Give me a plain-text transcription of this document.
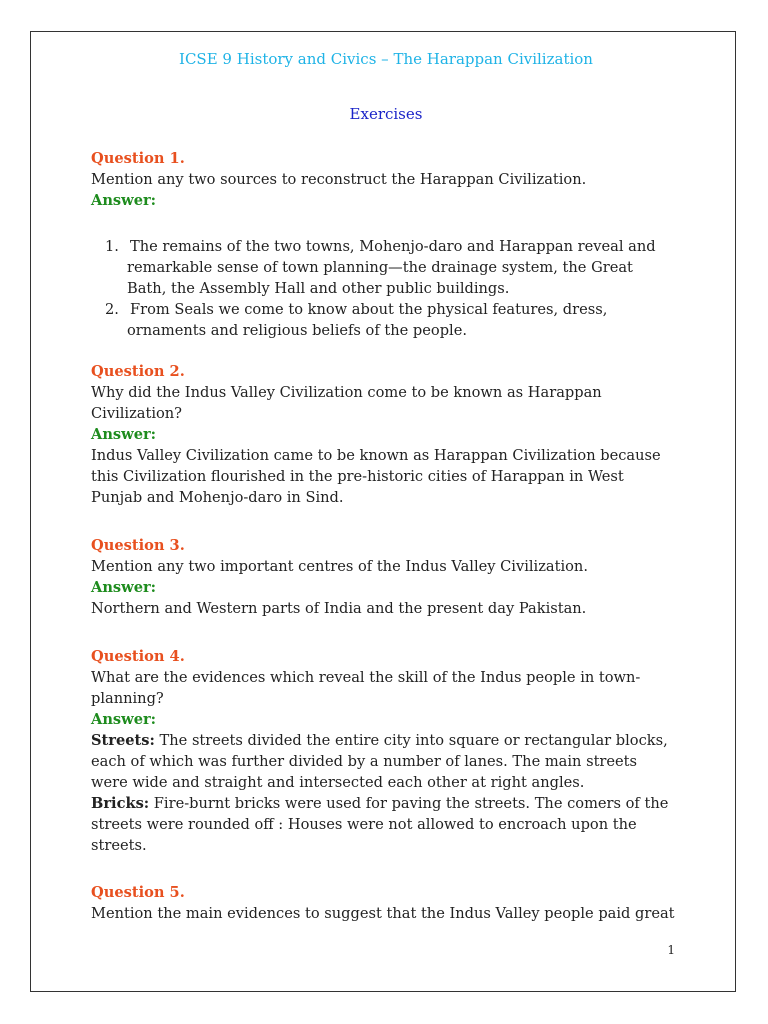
ICSE 9 History and Civics – The Harappan Civilization
Exercises
Question 1.
Mention any two sources to reconstruct the Harappan Civilization.
Answer:
1. The remains of the two towns, Mohenjo-daro and Harappan reveal and
remarkable sense of town planning—the drainage system, the Great
Bath, the Assembly Hall and other public buildings.
2. From Seals we come to know about the physical features, dress,
ornaments and religious beliefs of the people.
Question 2.
Why did the Indus Valley Civilization come to be known as Harappan
Civilization?
Answer:
Indus Valley Civilization came to be known as Harappan Civilization because
this Civilization flourished in the pre-historic cities of Harappan in West
Punjab and Mohenjo-daro in Sind.
Question 3.
Mention any two important centres of the Indus Valley Civilization.
Answer:
Northern and Western parts of India and the present day Pakistan.
Question 4.
What are the evidences which reveal the skill of the Indus people in town-
planning?
Answer:
Streets: The streets divided the entire city into square or rectangular blocks,
each of which was further divided by a number of lanes. The main streets
were wide and straight and intersected each other at right angles.
Bricks: Fire-burnt bricks were used for paving the streets. The comers of the
streets were rounded off : Houses were not allowed to encroach upon the
streets.
Question 5.
Mention the main evidences to suggest that the Indus Valley people paid great
1
